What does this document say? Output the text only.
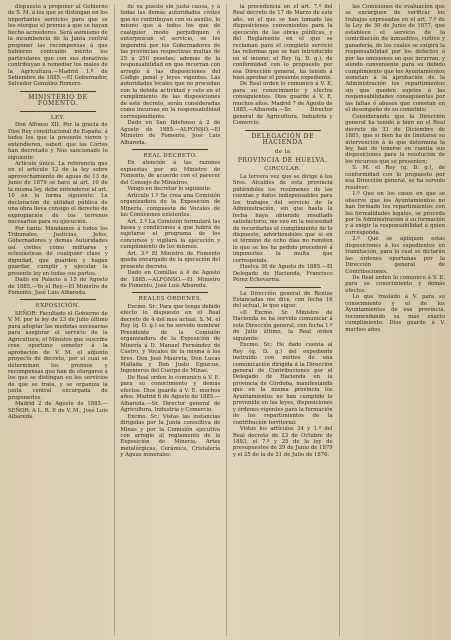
dispuesto á proponer al Gobierno de S. M. á los que se distingan en los importantes servicios para que se les otorgue el premio á que se hayan hecho acreedores. Será asimismo de la incumbencia de la Junta central proponer las recompensas á que hubieren contraído mérito los particulares que con sus donativos contribuyan á remediar los males de la Agricultura.—Madrid 1.º de Setiembre de 1885.—El Gobernador, Salvador González Romero.

MINISTERIO DE FOMENTO.

LEY.

Don Alfonso XII, Por la gracia de Dios Rey constitucional de España: á todos los que la presente vieren y entendieren, sabed: que las Córtes han decretado y Nos sancionado lo siguiente:

Artículo único. La referencia que en el artículo 12 de la ley sobre aprovechamiento de aguas de 13 de Junio de 1879 se hace al art. 10 de la misma ley, debe entenderse al art. 10 en la forma siguiente: La declaración de utilidad pública de una obra lleva consigo el derecho de expropiación de los terrenos necesarios para su ejecución.

Por tanto: Mandamos á todos los Tribunales, Justicias, Jefes, Gobernadores y demás Autoridades así civiles como militares y eclesiásticas de cualquier clase y dignidad, que guarden y hagan guardar, cumplir y ejecutar la presente ley en todas sus partes.

Dado en Palacio á 15 de Agosto de 1885.—Yo el Rey.—El Ministro de Fomento, José Luis Albareda.

EXPOSICIÓN.

SEÑOR: Facultado el Gobierno de V. M. por la ley de 23 de Julio último para adoptar las medidas necesarias para asegurar el servicio de la Agricultura, el Ministro que suscribe cree oportuno someter á la aprobación de V. M. el adjunto proyecto de decreto, por el cual se determinan los premios y recompensas que han de otorgarse á los que se distingan en los servicios de que se trata, y se organiza la junta central encargada de proponerlos.

Madrid 2 de Agosto de 1885.—SEÑOR: A L. R. P. de V. M., José Luis Albareda.

de su puesto sin justa causa, y á todas las demás autoridades civiles que no contribuyan con su auxilio, lo mismo que á todos los que de cualquier modo perjudiquen ó entorpezcan el servicio, se les impondrá por los Gobernadores de las provincias respectivas multas de 25 á 250 pesetas; además de la responsabilidad en que incurran con arreglo á las disposiciones del Código penal y leyes vigentes. Las autoridades locales que no procedan con la debida actividad y celo en el cumplimiento de las disposiciones de este decreto, serán consideradas como incursas en la responsabilidad correspondiente.

Dado en San Ildefonso á 2 de Agosto de 1885.—ALFONSO.—El Ministro de Fomento, José Luis Albareda.

REAL DECRETO.

En atención á las razones expuestas por mi Ministro de Fomento, de acuerdo con el parecer del Consejo de Ministros,

Vengo en decretar lo siguiente:

Artículo 1.º Se crea una Comisión organizadora de la Exposición de Minería, compuesta de Vocales de las Comisiones existentes.

Art. 2.º La Comisión formulará las bases y condiciones á que habrá de sujetarse el programa de los concursos y vigilará la ejecución y cumplimiento de los mismos.

Art. 3.º El Ministro de Fomento queda encargado de la ejecución del presente decreto.

Dado en Comillas á 4 de Agosto de 1885.—ALFONSO.—El Ministro de Fomento, José Luis Albareda.

REALES ÓRDENES.

Excmo. Sr.: Para que tenga debido efecto lo dispuesto en el Real decreto de 4 del mes actual, S. M. el Rey (q. D. g.) se ha servido nombrar Presidente de la Comisión organizadora de la Exposición de Minería á D. Manuel Fernández de Castro, y Vocales de la misma á los Sres. Don José Maureta, Don Lucas Mallada y Don Justo Egozcue, Ingenieros del Cuerpo de Minas.

De Real orden lo comunico á V. E. para su conocimiento y demás efectos. Dios guarde á V. E. muchos años. Madrid 6 de Agosto de 1885.—Albareda.—Sr. Director general de Agricultura, Industria y Comercio.

Excmo. Sr.: Vistas las instancias dirigidas por la Junta consultiva de Minas y por la Comisión ejecutiva con arreglo al reglamento de la Exposición de Minería, Artes metalúrgicas, Cerámica, Cristalería y Aguas minerales:

la procedencia en el art. 7.º del Real decreto de 17 de Marzo de este año, en el que se han tomado las disposiciones convenientes para la ejecución de las obras públicas, y del Reglamento en el que se reclaman para el completo servicio las reformas que se han introducido en el mismo; el Rey (q. D. g.), de conformidad con lo propuesto por esa Dirección general, ha tenido á bien aprobar el presente expediente.

De Real orden lo comunico á V. E. para su conocimiento y efectos consiguientes. Dios guarde á V. E. muchos años. Madrid 7 de Agosto de 1885.—Albareda.—Sr. Director general de Agricultura, Industria y Comercio.

DELEGACIÓN DE HACIENDA

de la

PROVINCIA DE HUELVA.

CIRCULAR.

La tercera vez que se dirige á los Sres. Alcaldes de esta provincia pidiéndoles los resúmenes de las cuentas y datos indispensables para los trabajos del servicio de la Administración, sin que hasta la fecha haya obtenido resultado satisfactorio; me veo en la necesidad de recordarles el cumplimiento de lo dispuesto, advirtiéndoles que si en el término de ocho días no remiten lo que se les ha pedido procederé á imponerles la multa que corresponda.

Huelva 30 de Agosto de 1885.—El Delegado de Hacienda, Francisco Pérez Echevarría.

La Dirección general de Rentas Estancadas me dice, con fecha 16 del actual, lo que sigue:

«Il Excmo. Sr. Ministro de Hacienda se ha servido comunicar á esta Dirección general, con fecha 1.º de Julio último, la Real orden siguiente:

Excmo. Sr.: He dado cuenta al Rey (q. D. g.) del expediente instruido con motivo de una comunicación dirigida á la Dirección general de Contribuciones por el Delegado de Hacienda en la provincia de Córdoba, manifestando que en la misma provincia los Ayuntamientos no han cumplido lo prevenido en las leyes, disposiciones y órdenes vigentes para la formación de los repartimientos de la contribución territorial:

Vistos los artículos 34 y 1.º del Real decreto de 23 de Octubre de 1883, el 7.º y 25 de la ley de presupuestos de 29 de Junio de 1879 y el 25 de la de 21 de Julio de 1876:

las Comisiones de evaluación que se encarguen de verificar los trabajos expresados en el art. 7.º de la Ley de 30 de Junio de 1877, que establece el servicio de la contribución de inmuebles, cultivo y ganadería, de los cuales se exigirá la responsabilidad por los defectos ó por las omisiones en que incurran, y siendo conveniente para su debido cumplimiento que los Ayuntamientos sometan á la aprobación de la Administración los repartimientos sin que queden sujetos á las responsabilidades consiguientes por las faltas ó abusos que cometan en el desempeño de su cometido;

Considerando que la Dirección general ha tenido á bien en el Real decreto de 31 de Diciembre de 1881, que si bien ha de limitarse su intervención á lo que determina la ley, han de tenerse en cuenta sus disposiciones para la resolución de los recursos que se presenten;

S. M. el Rey (q. D. g.), de conformidad con lo propuesto por esa Dirección general, se ha servido resolver:

1.º Que en los casos en que se observe que los Ayuntamientos no han formado los repartimientos con las formalidades legales, se proceda por la Administración á su formación y á exigir la responsabilidad á quien corresponda.

2.º Que se apliquen estas disposiciones á los expedientes en tramitación, para lo cual se dictarán las órdenes oportunas por la Dirección general de Contribuciones.

De Real orden lo comunico á V. E. para su conocimiento y demás efectos.

Lo que traslado á V. para su conocimiento y el de los Ayuntamientos de esa provincia, recomendando su más exacto cumplimiento. Dios guarde á V. muchos años.
